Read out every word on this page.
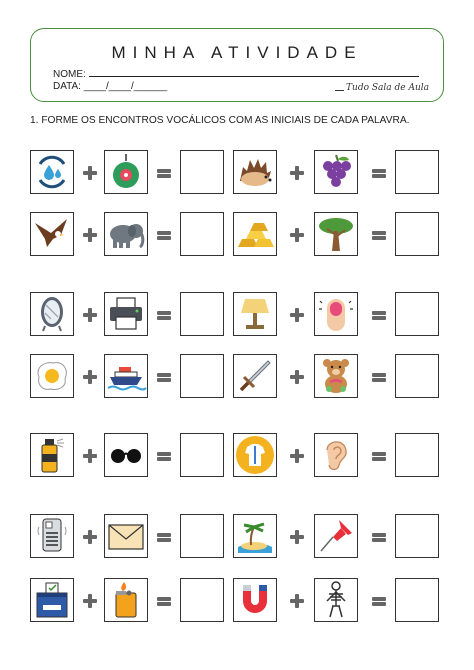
MINHA ATIVIDADE
NOME:
DATA: ____/____/______	Tudo Sala de Aula
1. FORME OS ENCONTROS VOCÁLICOS COM AS INICIAIS DE CADA PALAVRA.
